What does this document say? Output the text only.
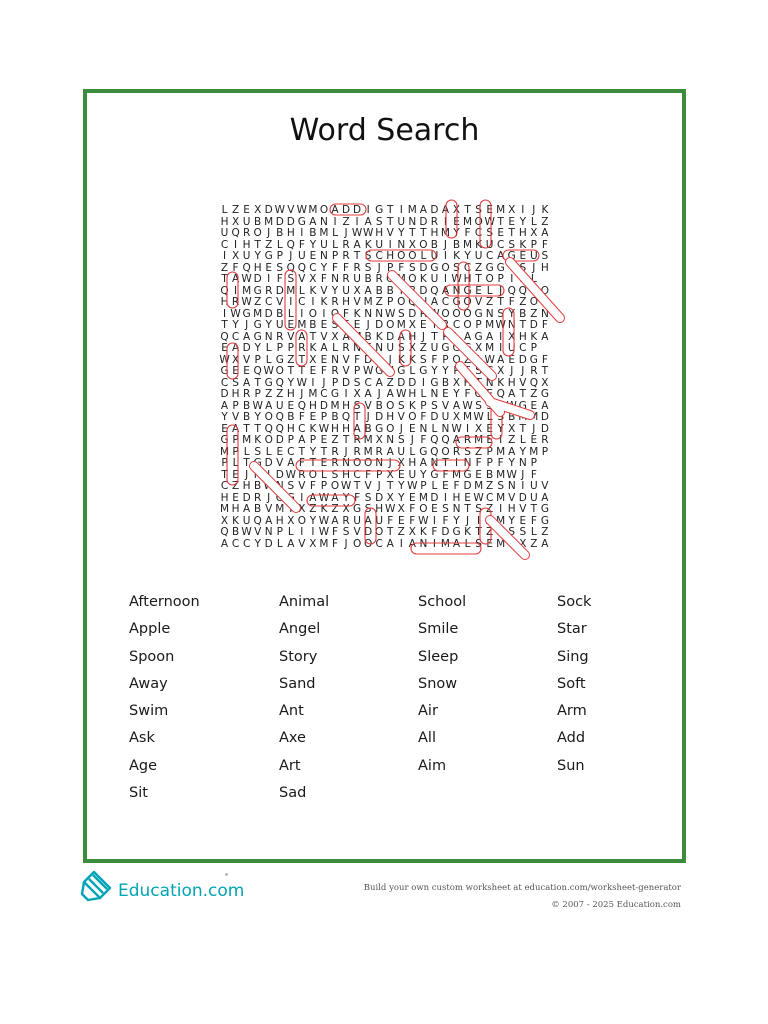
Word Search
L Z E X D W V W M O A D D I G T I M A D A X T S E M X I J K
H X U B M D D G A N I Z I A S T U N D R I E M O W T E Y L Z
U Q R O J B H I B M L J W W H V Y T T H M Y F C S E T H X A
C I H T Z L Q F Y U L R A K U I N X O B J B M K U C S K P F
I X U Y G P J U E N P R T S C H O O L U I K Y U C A G E U S
Z F Q H E S Q Q C Y F F R S J P F S D G O S C Z G G Y S J H
T A W D I F S V X F N R U B R G M O K U I W H T O P I E L
Q I M G R D M L K V Y U X A B B T B D Q A N G E L J Q Q Y O
H R W Z C V I C I K R H V M Z P O Q U A C G O V Z T F Z O H
I W G M D B L I O I Q F K N N W S D R W O O O G N S Y B Z N
T Y J G Y U E M B E S E E J D O M X E Y R C O P M W N T D F
Q C A G N R V A T V X A M B K D A H J T P L A G A I X H K A
E A D Y L P P R K A L R N E N U S X Z U G G G X M I U C P
W X V P L G Z T X E N V F D J J K K S F P O Z J W A E D G F
G E E Q W O T T E F R V P W G H G L G Y Y P F S G X J J R T
C S A T G Q Y W I J P D S C A Z D D I G B X H T N K H V Q X
D H R P Z Z H J M C G I X A J A W H L N E Y F G E Q A T Z G
A P B W A U E Q H D M H S V B O S K P S V A W S S J W G E A
Y V B Y O Q B F E P B Q T J D H V O F D U X M W L S B M M D
E A T T Q Q H C K W H H A B G O J E N L N W I X E Y X T J D
G P M K O D P A P E Z T R M X N S J F Q Q A R M E I Z L E R
M P L S L E C T Y T R J R M R A U L G Q O R S Z P M A Y M P
P L T G D V A F T E R N O O N J X H A N T I N F P F Y N P
T E J N J D W R O L S H C F P X E U Y G F M G E B M W J F
C Z H B W N S V F P O W T V J T Y W P L E F D M Z S N I U V
H E D R J G G I A W A Y F S D X Y E M D I H E W C M V D U A
M H A B V M I X Z K Z X G S H W X F O E S N T S Z I H V T G
X K U Q A H X O Y W A R U A U F E F W I F Y J I A M Y E F G
Q B W V N P L I I W F S V D O T Z X K F D G K T Z L S S L Z
A C C Y D L A V X M F J O O C A I A N I M A L S E M L X Z A
Afternoon	Animal	School	Sock
Apple	Angel	Smile	Star
Spoon	Story	Sleep	Sing
Away	Sand	Snow	Soft
Swim	Ant	Air	Arm
Ask	Axe	All	Add
Age	Art	Aim	Sun
Sit	Sad
Education.com	Build your own custom worksheet at education.com/worksheet-generator
© 2007 - 2025 Education.com
